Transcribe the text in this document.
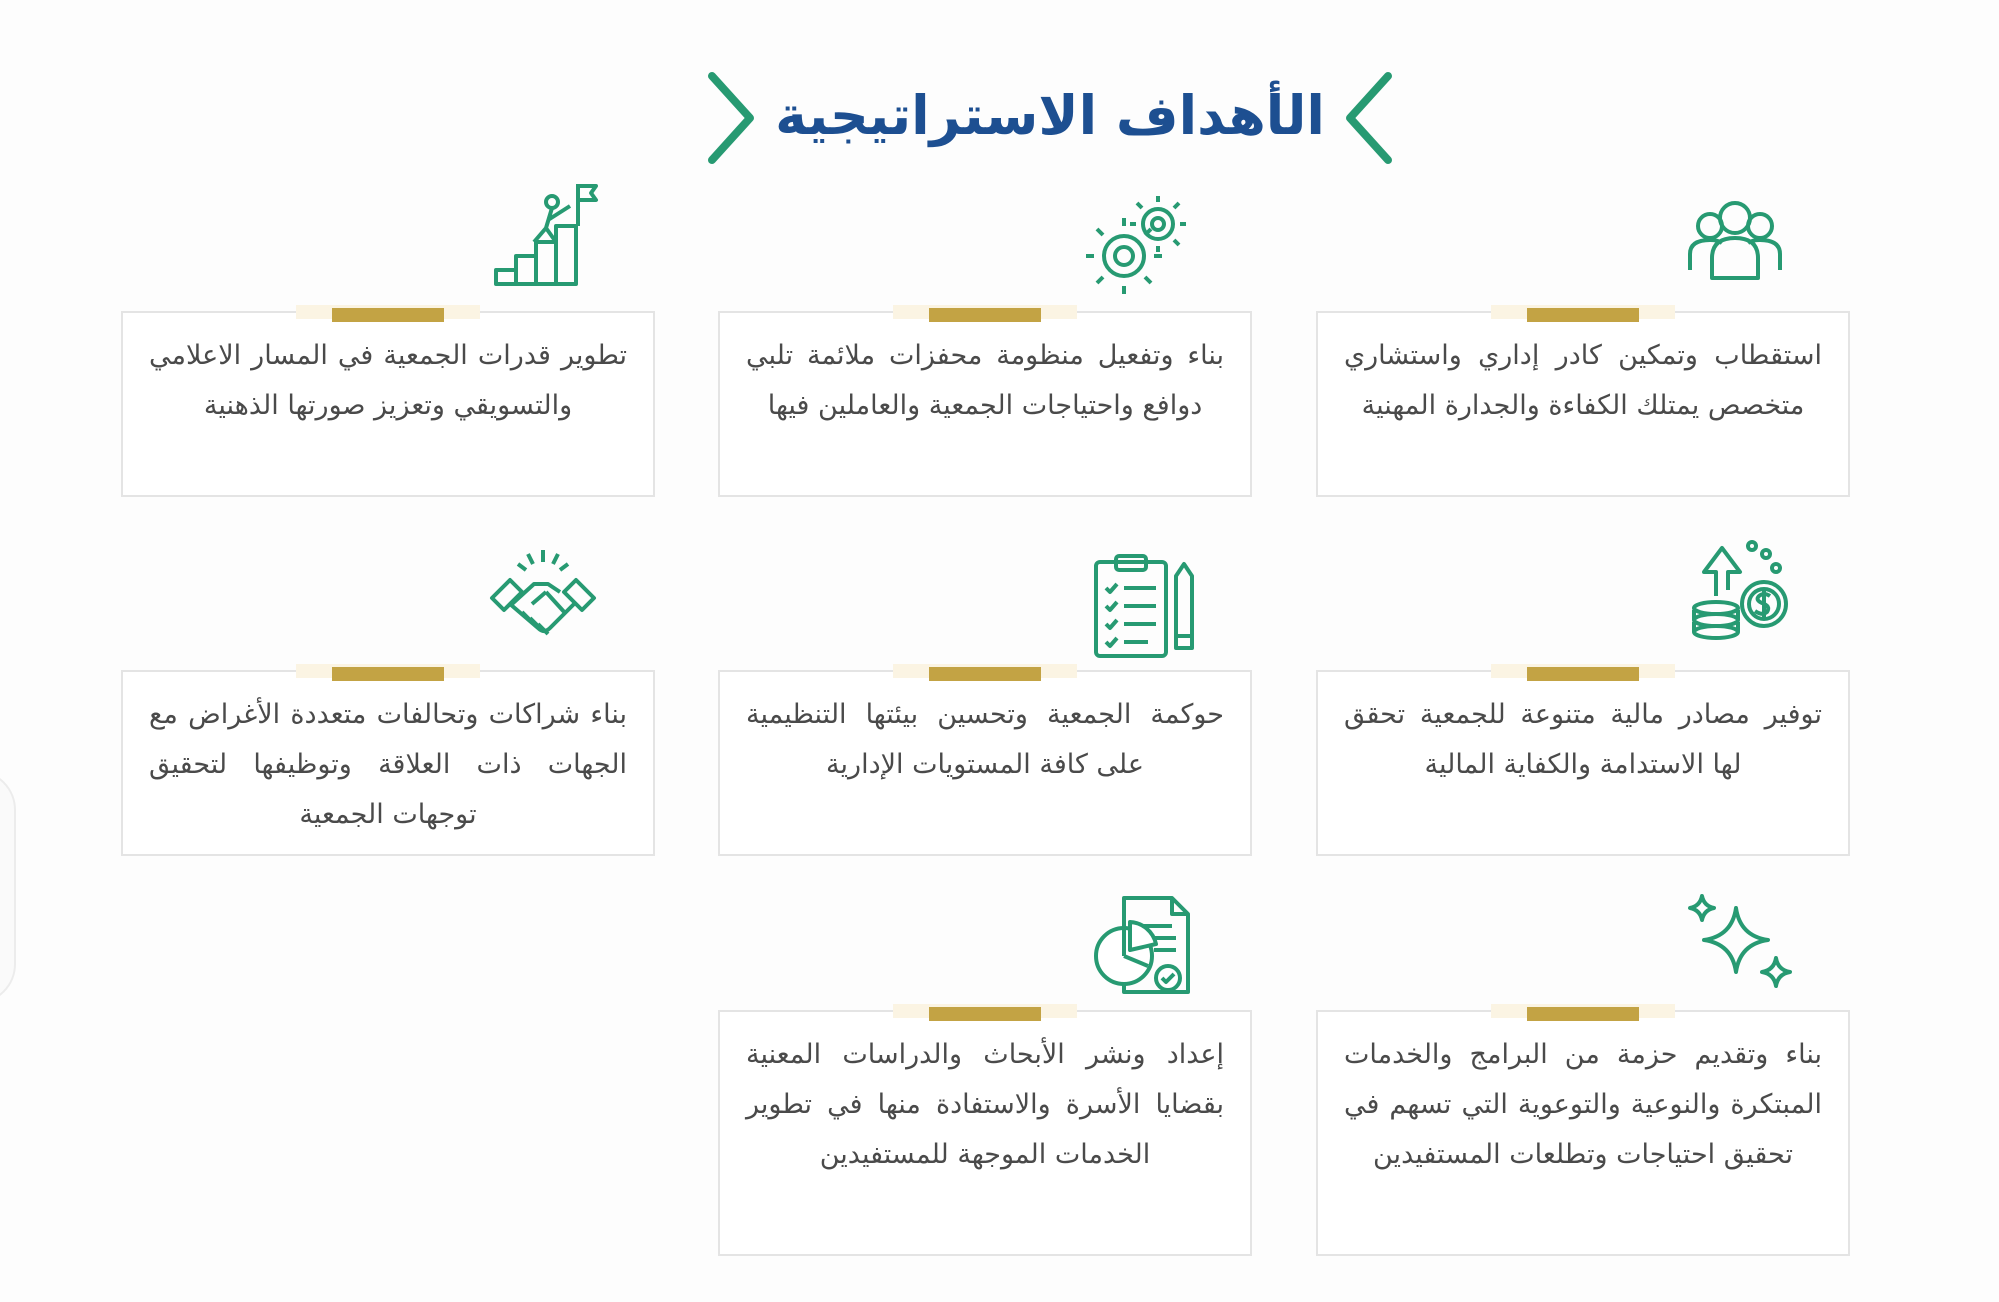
الأهداف الاستراتيجية
استقطاب وتمكين كادر إداري واستشاري متخصص يمتلك الكفاءة والجدارة المهنية
بناء وتفعيل منظومة محفزات ملائمة تلبي دوافع واحتياجات الجمعية والعاملين فيها
تطوير قدرات الجمعية في المسار الاعلامي والتسويقي وتعزيز صورتها الذهنية
توفير مصادر مالية متنوعة للجمعية تحقق لها الاستدامة والكفاية المالية
حوكمة الجمعية وتحسين بيئتها التنظيمية على كافة المستويات الإدارية
بناء شراكات وتحالفات متعددة الأغراض مع الجهات ذات العلاقة وتوظيفها لتحقيق توجهات الجمعية
بناء وتقديم حزمة من البرامج والخدمات المبتكرة والنوعية والتوعوية التي تسهم في تحقيق احتياجات وتطلعات المستفيدين
إعداد ونشر الأبحاث والدراسات المعنية بقضايا الأسرة والاستفادة منها في تطوير الخدمات الموجهة للمستفيدين
